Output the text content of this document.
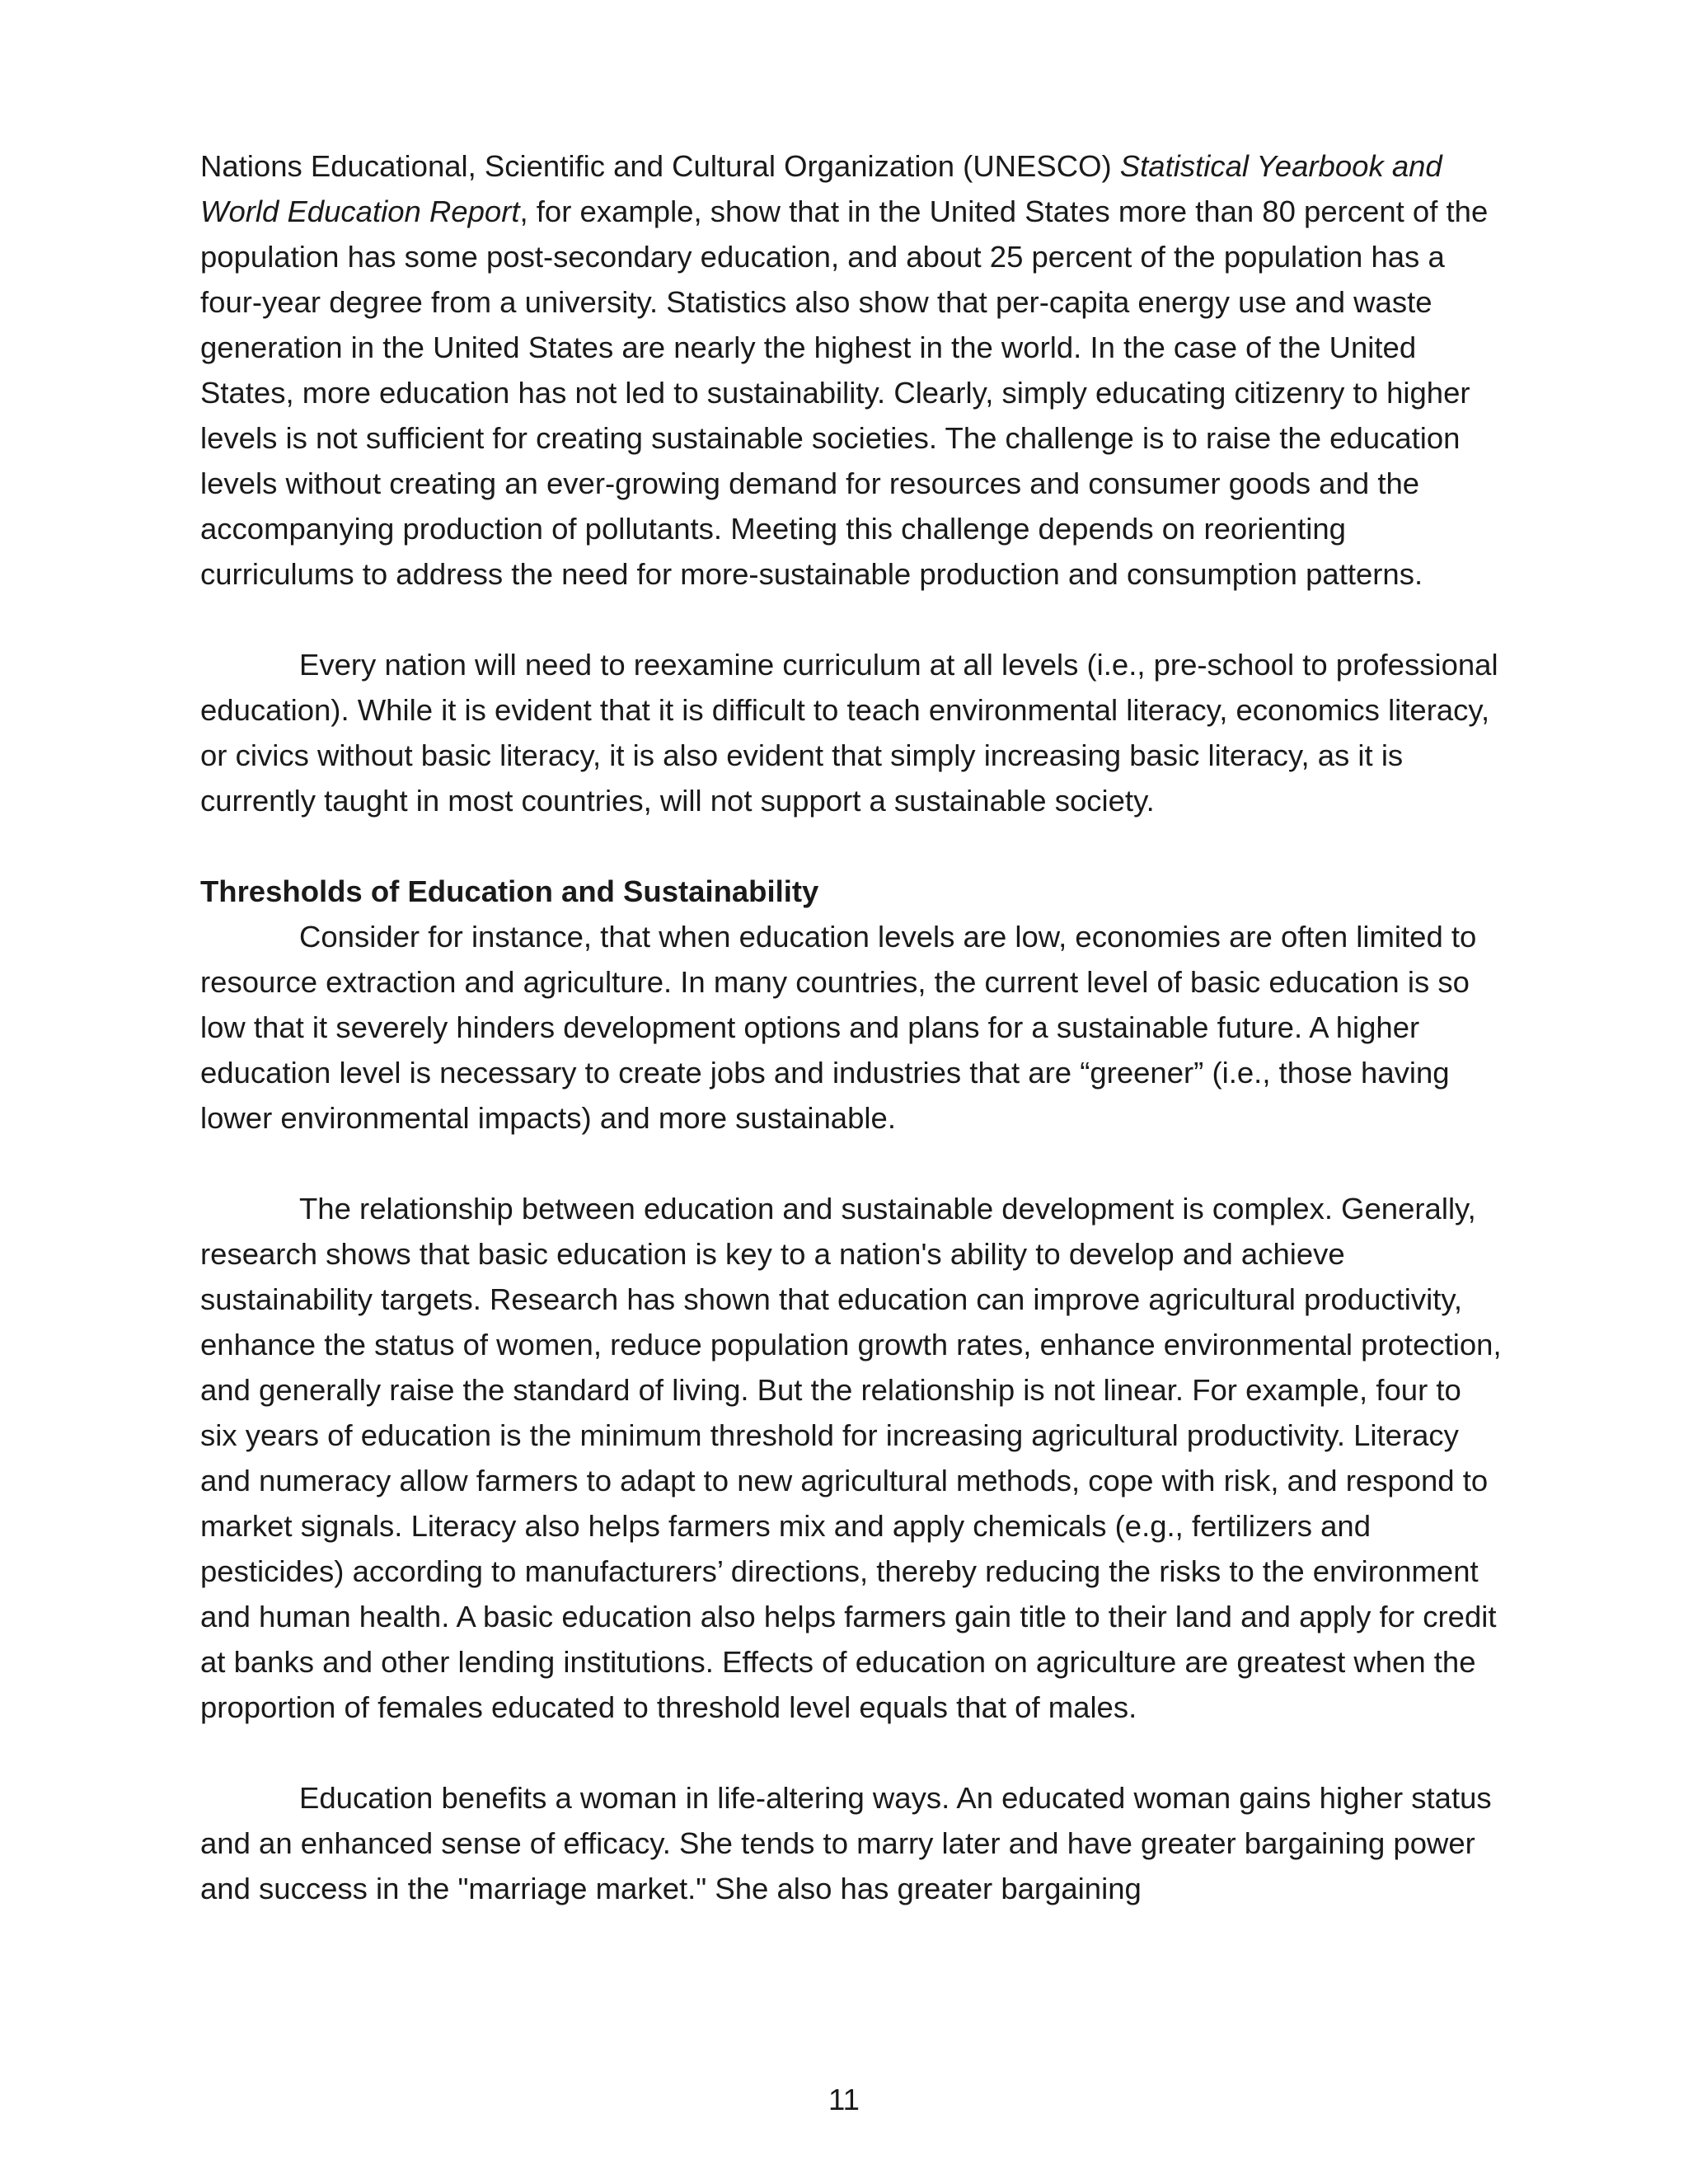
Nations Educational, Scientific and Cultural Organization (UNESCO) Statistical Yearbook and World Education Report, for example, show that in the United States more than 80 percent of the population has some post-secondary education, and about 25 percent of the population has a four-year degree from a university. Statistics also show that per-capita energy use and waste generation in the United States are nearly the highest in the world. In the case of the United States, more education has not led to sustainability. Clearly, simply educating citizenry to higher levels is not sufficient for creating sustainable societies. The challenge is to raise the education levels without creating an ever-growing demand for resources and consumer goods and the accompanying production of pollutants. Meeting this challenge depends on reorienting curriculums to address the need for more-sustainable production and consumption patterns.

Every nation will need to reexamine curriculum at all levels (i.e., pre-school to professional education). While it is evident that it is difficult to teach environmental literacy, economics literacy, or civics without basic literacy, it is also evident that simply increasing basic literacy, as it is currently taught in most countries, will not support a sustainable society.

Thresholds of Education and Sustainability

Consider for instance, that when education levels are low, economies are often limited to resource extraction and agriculture. In many countries, the current level of basic education is so low that it severely hinders development options and plans for a sustainable future. A higher education level is necessary to create jobs and industries that are “greener” (i.e., those having lower environmental impacts) and more sustainable.

The relationship between education and sustainable development is complex. Generally, research shows that basic education is key to a nation's ability to develop and achieve sustainability targets. Research has shown that education can improve agricultural productivity, enhance the status of women, reduce population growth rates, enhance environmental protection, and generally raise the standard of living. But the relationship is not linear. For example, four to six years of education is the minimum threshold for increasing agricultural productivity. Literacy and numeracy allow farmers to adapt to new agricultural methods, cope with risk, and respond to market signals. Literacy also helps farmers mix and apply chemicals (e.g., fertilizers and pesticides) according to manufacturers’ directions, thereby reducing the risks to the environment and human health. A basic education also helps farmers gain title to their land and apply for credit at banks and other lending institutions. Effects of education on agriculture are greatest when the proportion of females educated to threshold level equals that of males.

Education benefits a woman in life-altering ways. An educated woman gains higher status and an enhanced sense of efficacy. She tends to marry later and have greater bargaining power and success in the "marriage market." She also has greater bargaining

11
